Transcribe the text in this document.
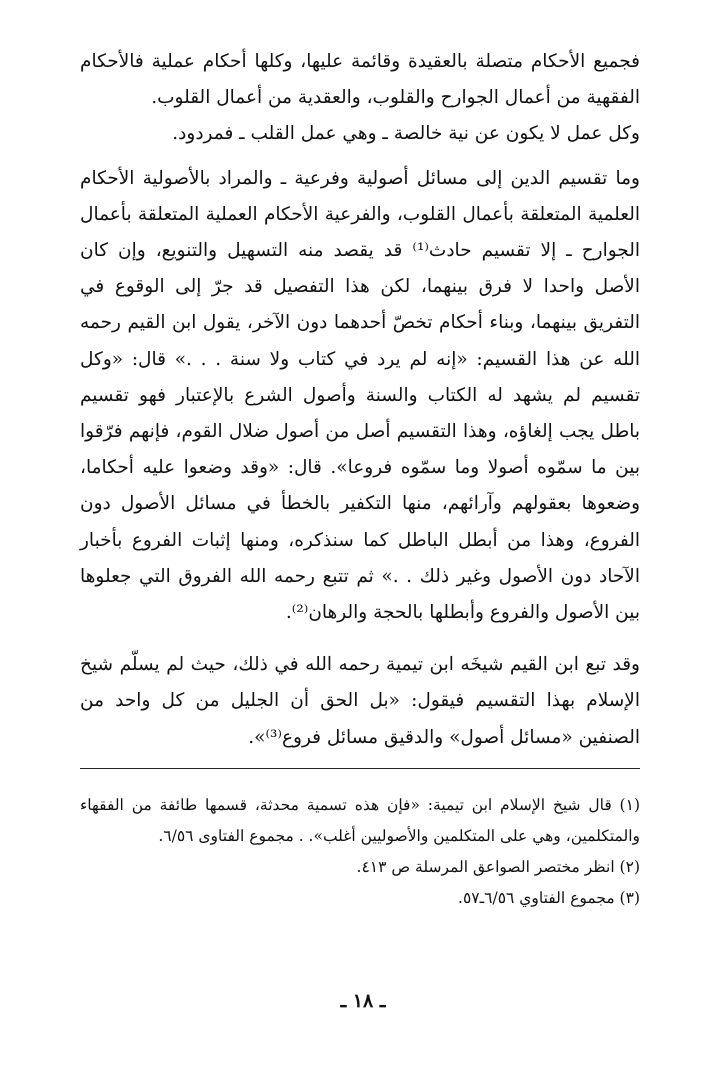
فجميع الأحكام متصلة بالعقيدة وقائمة عليها، وكلها أحكام عملية فالأحكام الفقهية من أعمال الجوارح والقلوب، والعقدية من أعمال القلوب.

وكل عمل لا يكون عن نية خالصة ـ وهي عمل القلب ـ فمردود.

وما تقسيم الدين إلى مسائل أصولية وفرعية ـ والمراد بالأصولية الأحكام العلمية المتعلقة بأعمال القلوب، والفرعية الأحكام العملية المتعلقة بأعمال الجوارح ـ إلا تقسيم حادث⁽¹⁾ قد يقصد منه التسهيل والتنويع، وإن كان الأصل واحدا لا فرق بينهما، لكن هذا التفصيل قد جرّ إلى الوقوع في التفريق بينهما، وبناء أحكام تخصّ أحدهما دون الآخر، يقول ابن القيم رحمه الله عن هذا القسيم: «إنه لم يرد في كتاب ولا سنة . . .» قال: «وكل تقسيم لم يشهد له الكتاب والسنة وأصول الشرع بالإعتبار فهو تقسيم باطل يجب إلغاؤه، وهذا التقسيم أصل من أصول ضلال القوم، فإنهم فرّقوا بين ما سمّوه أصولا وما سمّوه فروعا». قال: «وقد وضعوا عليه أحكاما، وضعوها بعقولهم وآرائهم، منها التكفير بالخطأ في مسائل الأصول دون الفروع، وهذا من أبطل الباطل كما سنذكره، ومنها إثبات الفروع بأخبار الآحاد دون الأصول وغير ذلك . .» ثم تتبع رحمه الله الفروق التي جعلوها بين الأصول والفروع وأبطلها بالحجة والرهان⁽²⁾.

وقد تبع ابن القيم شيخَه ابن تيمية رحمه الله في ذلك، حيث لم يسلّم شيخ الإسلام بهذا التقسيم فيقول: «بل الحق أن الجليل من كل واحد من الصنفين «مسائل أصول» والدقيق مسائل فروع⁽³⁾».

(١) قال شيخ الإسلام ابن تيمية: «فإن هذه تسمية محدثة، قسمها طائفة من الفقهاء والمتكلمين، وهي على المتكلمين والأصوليين أغلب». . مجموع الفتاوى ٦/٥٦.

(٢) انظر مختصر الصواعق المرسلة ص ٤١٣.

(٣) مجموع الفتاوي ٦/٥٦ـ٥٧.

ـ ١٨ ـ
